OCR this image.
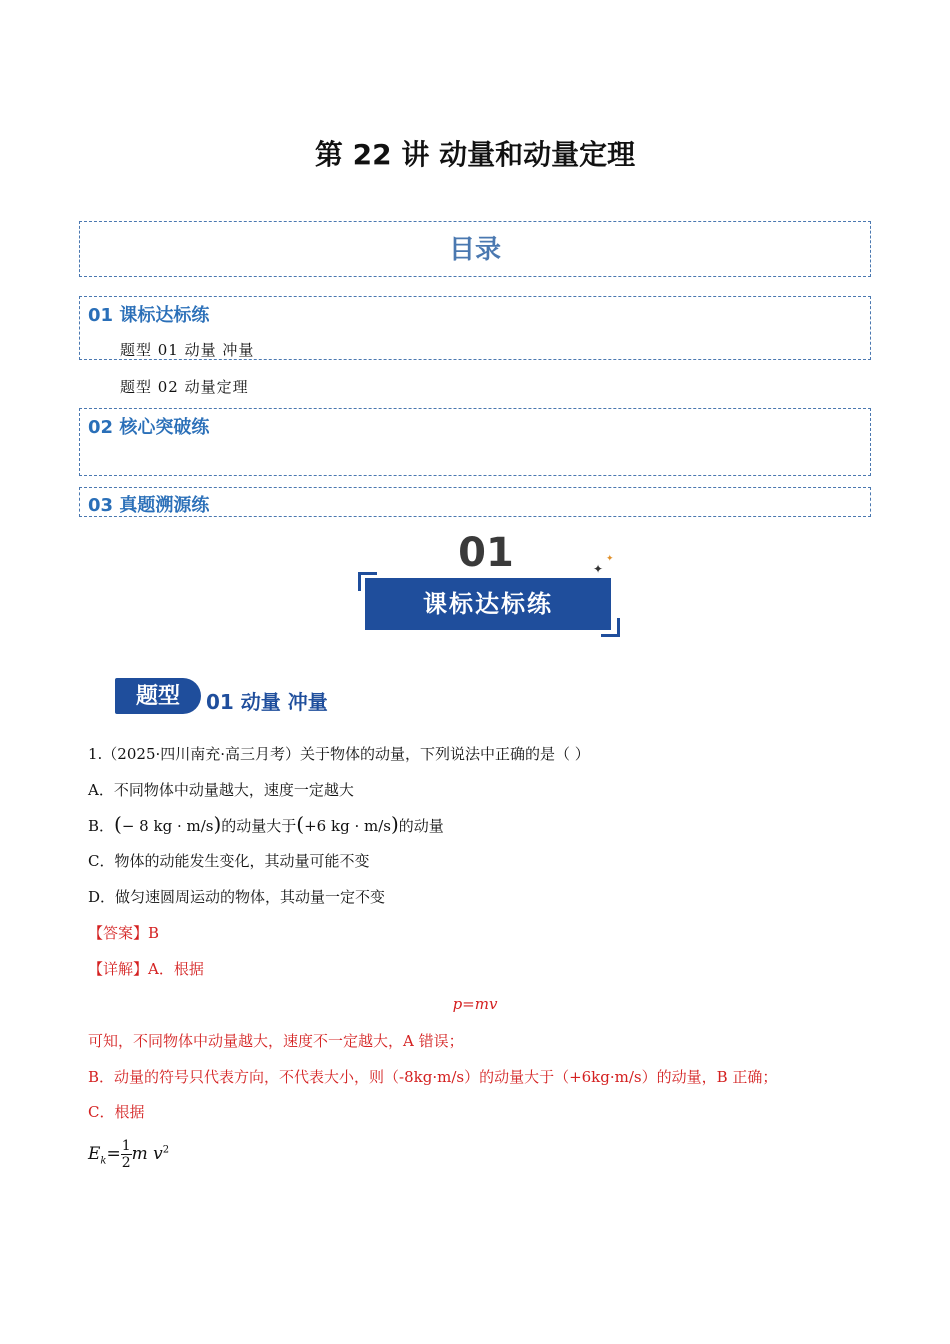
第 22 讲 动量和动量定理
目录
01 课标达标练
题型 01 动量 冲量
题型 02 动量定理
02 核心突破练
03 真题溯源练
01
课标达标练
✦
✦
题型	01 动量 冲量
1.（2025·四川南充·高三月考）关于物体的动量，下列说法中正确的是（ ）
A．不同物体中动量越大，速度一定越大
B．(− 8 kg · m/s)的动量大于(+6 kg · m/s)的动量
C．物体的动能发生变化，其动量可能不变
D．做匀速圆周运动的物体，其动量一定不变
【答案】B
【详解】A．根据
p=mv
可知，不同物体中动量越大，速度不一定越大，A 错误；
B．动量的符号只代表方向，不代表大小，则（-8kg·m/s）的动量大于（+6kg·m/s）的动量，B 正确；
C．根据
$E_k= \frac{1}{2}$ m $v^2$
